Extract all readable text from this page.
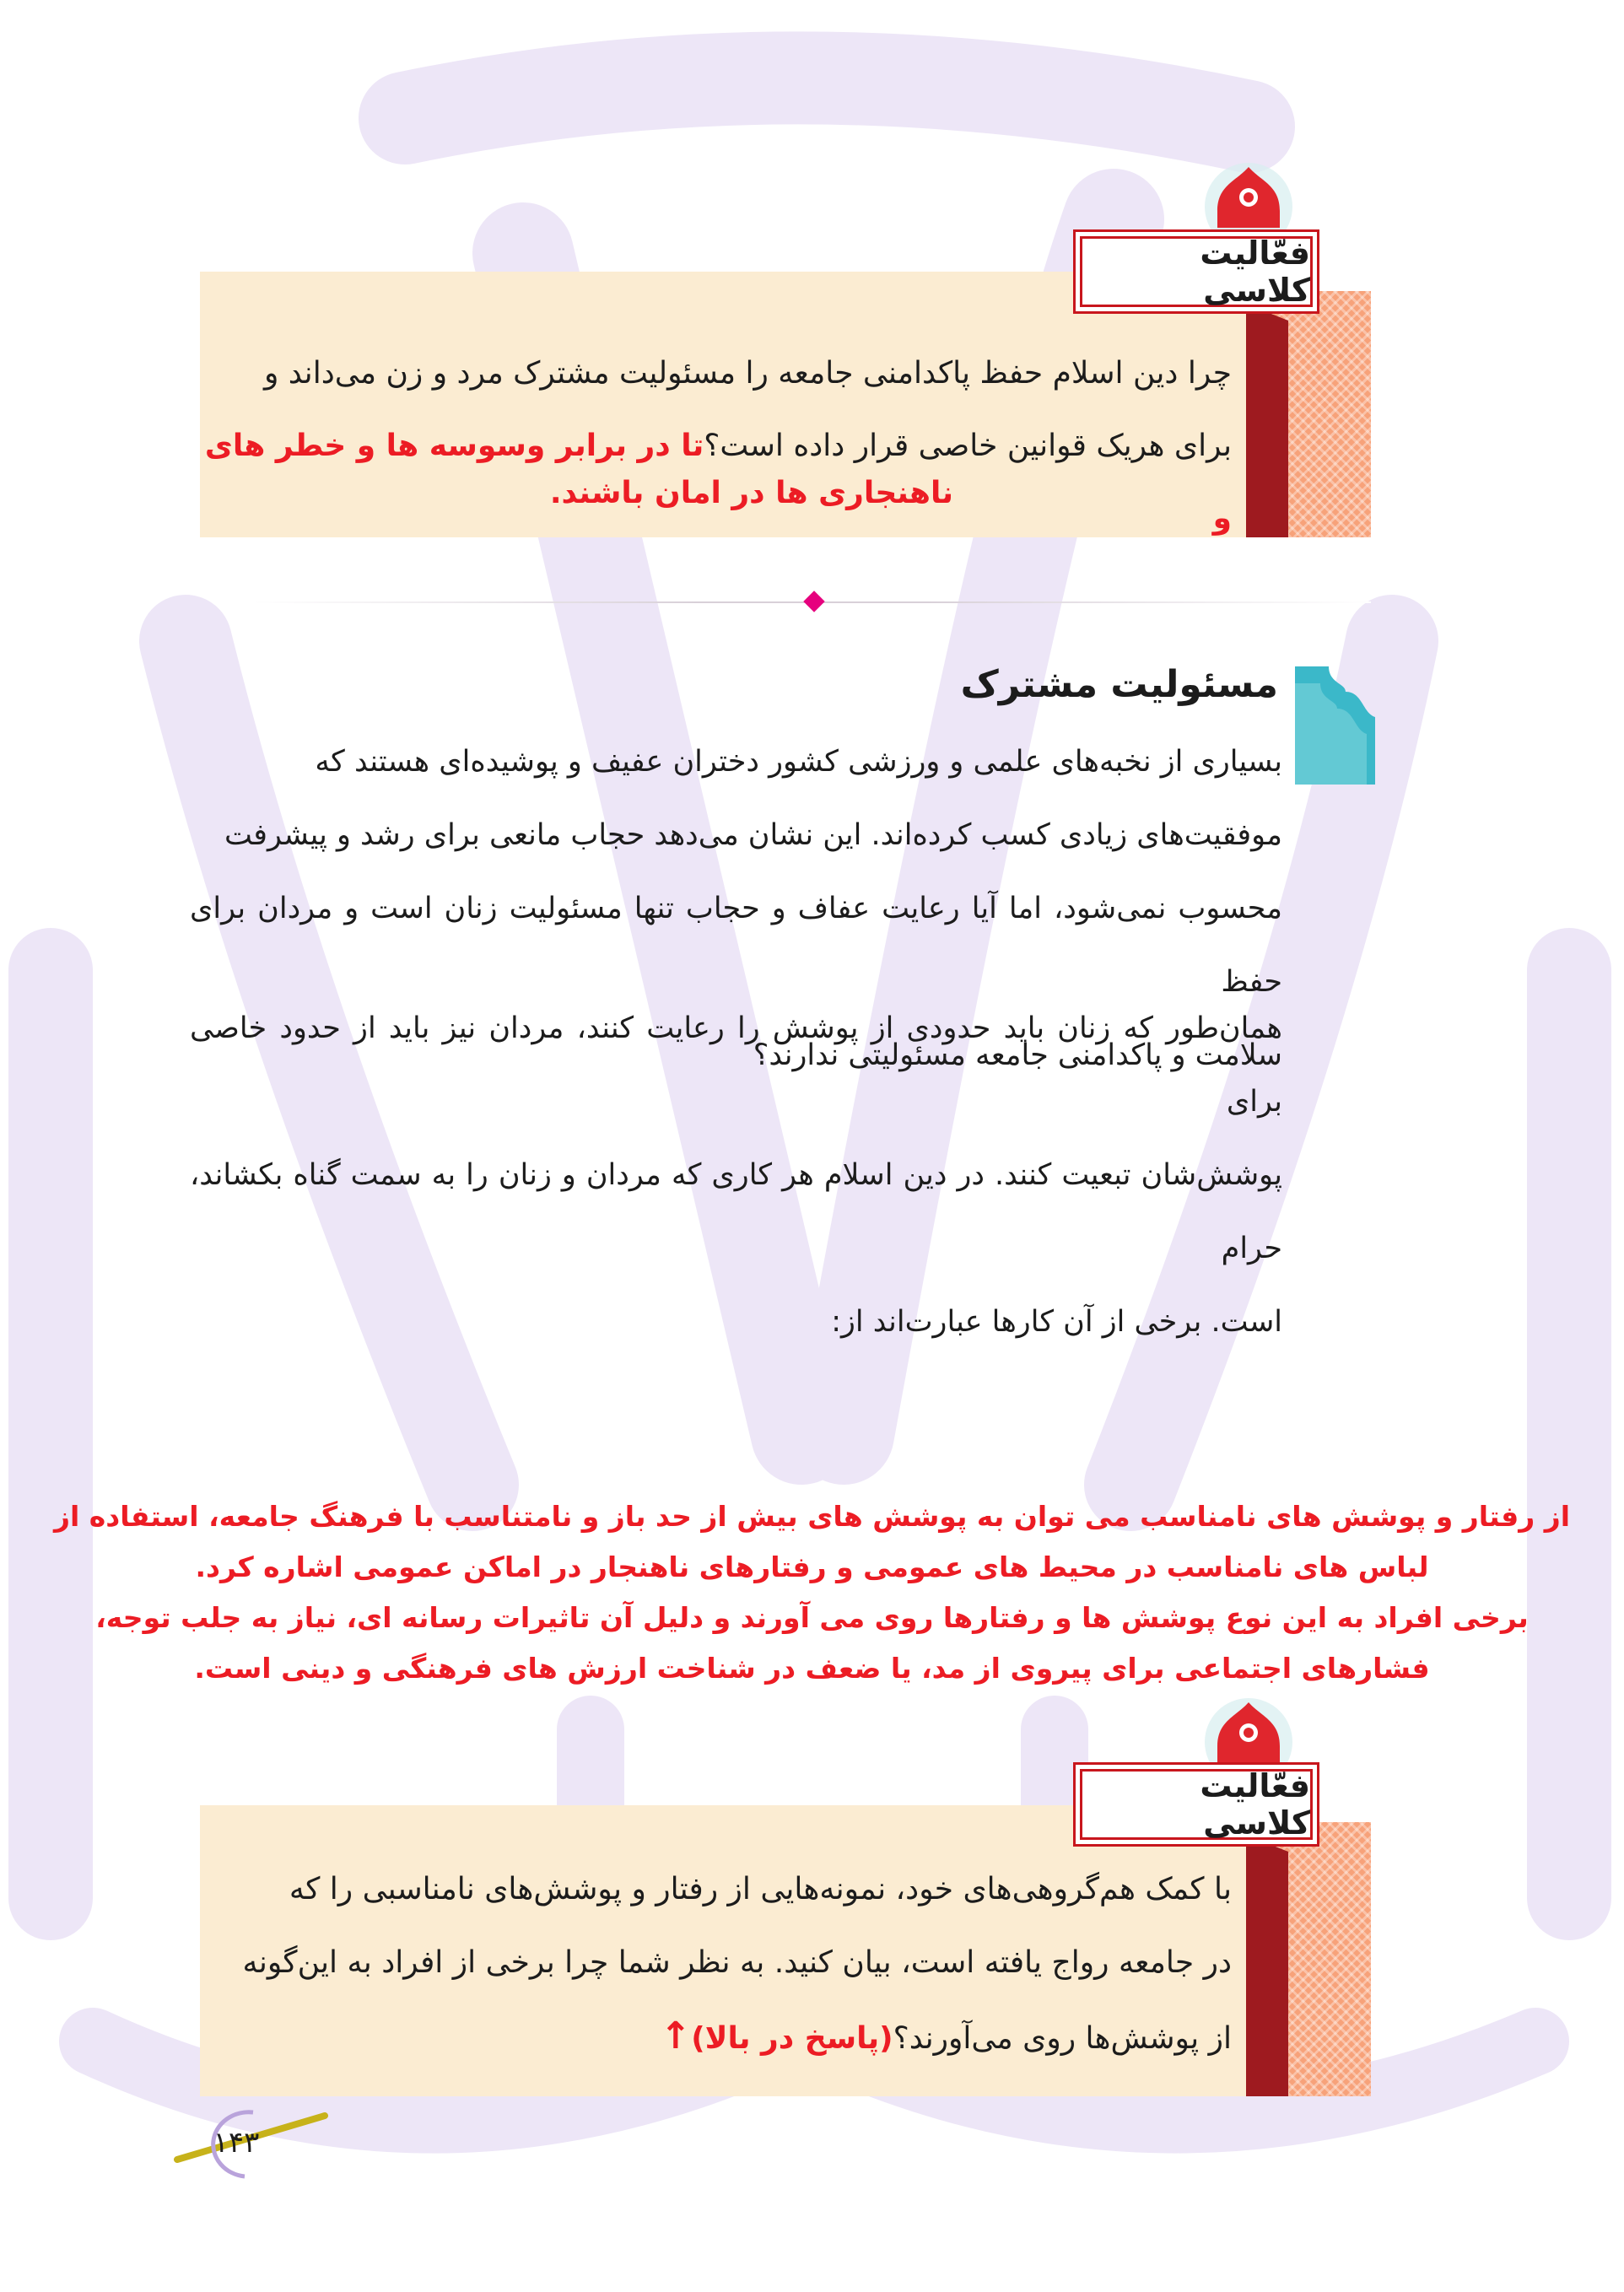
فعّالیت کلاسی
چرا دین اسلام حفظ پاکدامنی جامعه را مسئولیت مشترک مرد و زن می‌داند و
برای هریک قوانین خاصی قرار داده است؟تا در برابر وسوسه ها و خطر های و
ناهنجاری ها در امان باشند.
مسئولیت مشترک
بسیاری از نخبه‌های علمی و ورزشی کشور دختران عفیف و پوشیده‌ای هستند که
موفقیت‌های زیادی کسب کرده‌اند. این نشان می‌دهد حجاب مانعی برای رشد و پیشرفت
محسوب نمی‌شود، اما آیا رعایت عفاف و حجاب تنها مسئولیت زنان است و مردان برای حفظ
سلامت و پاکدامنی جامعه مسئولیتی ندارند؟
همان‌طور که زنان باید حدودی از پوشش را رعایت کنند، مردان نیز باید از حدود خاصی برای
پوشش‌شان تبعیت کنند. در دین اسلام هر کاری که مردان و زنان را به سمت گناه بکشاند، حرام
است. برخی از آن کارها عبارت‌اند از:
از رفتار و پوشش های نامناسب می توان به پوشش های بیش از حد باز و نامتناسب با فرهنگ جامعه، استفاده از
لباس های نامناسب در محیط های عمومی و رفتارهای ناهنجار در اماکن عمومی اشاره کرد.
برخی افراد به این نوع پوشش ها و رفتارها روی می آورند و دلیل آن تاثیرات رسانه ای، نیاز به جلب توجه،
فشارهای اجتماعی برای پیروی از مد، یا ضعف در شناخت ارزش های فرهنگی و دینی است.
فعّالیت کلاسی
با کمک هم‌گروهی‌های خود، نمونه‌هایی از رفتار و پوشش‌های نامناسبی را که
در جامعه رواج یافته است، بیان کنید. به نظر شما چرا برخی از افراد به این‌گونه
از پوشش‌ها روی می‌آورند؟(پاسخ در بالا)↑
۱۴۳
